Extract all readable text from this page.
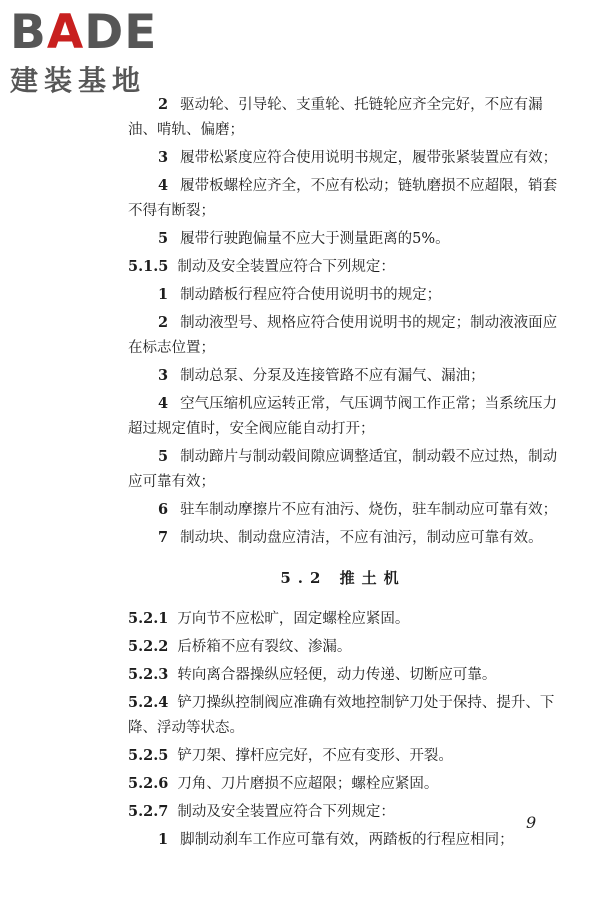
BADE
建装基地
2 驱动轮、引导轮、支重轮、托链轮应齐全完好，不应有漏油、啃轨、偏磨；
3 履带松紧度应符合使用说明书规定，履带张紧装置应有效；
4 履带板螺栓应齐全，不应有松动；链轨磨损不应超限，销套不得有断裂；
5 履带行驶跑偏量不应大于测量距离的5%。
5.1.5 制动及安全装置应符合下列规定：
1 制动踏板行程应符合使用说明书的规定；
2 制动液型号、规格应符合使用说明书的规定；制动液液面应在标志位置；
3 制动总泵、分泵及连接管路不应有漏气、漏油；
4 空气压缩机应运转正常，气压调节阀工作正常；当系统压力超过规定值时，安全阀应能自动打开；
5 制动蹄片与制动毂间隙应调整适宜，制动毂不应过热，制动应可靠有效；
6 驻车制动摩擦片不应有油污、烧伤，驻车制动应可靠有效；
7 制动块、制动盘应清洁，不应有油污，制动应可靠有效。
5.2 推土机
5.2.1 万向节不应松旷，固定螺栓应紧固。
5.2.2 后桥箱不应有裂纹、渗漏。
5.2.3 转向离合器操纵应轻便，动力传递、切断应可靠。
5.2.4 铲刀操纵控制阀应准确有效地控制铲刀处于保持、提升、下降、浮动等状态。
5.2.5 铲刀架、撑杆应完好，不应有变形、开裂。
5.2.6 刀角、刀片磨损不应超限；螺栓应紧固。
5.2.7 制动及安全装置应符合下列规定：
1 脚制动刹车工作应可靠有效，两踏板的行程应相同；
9
